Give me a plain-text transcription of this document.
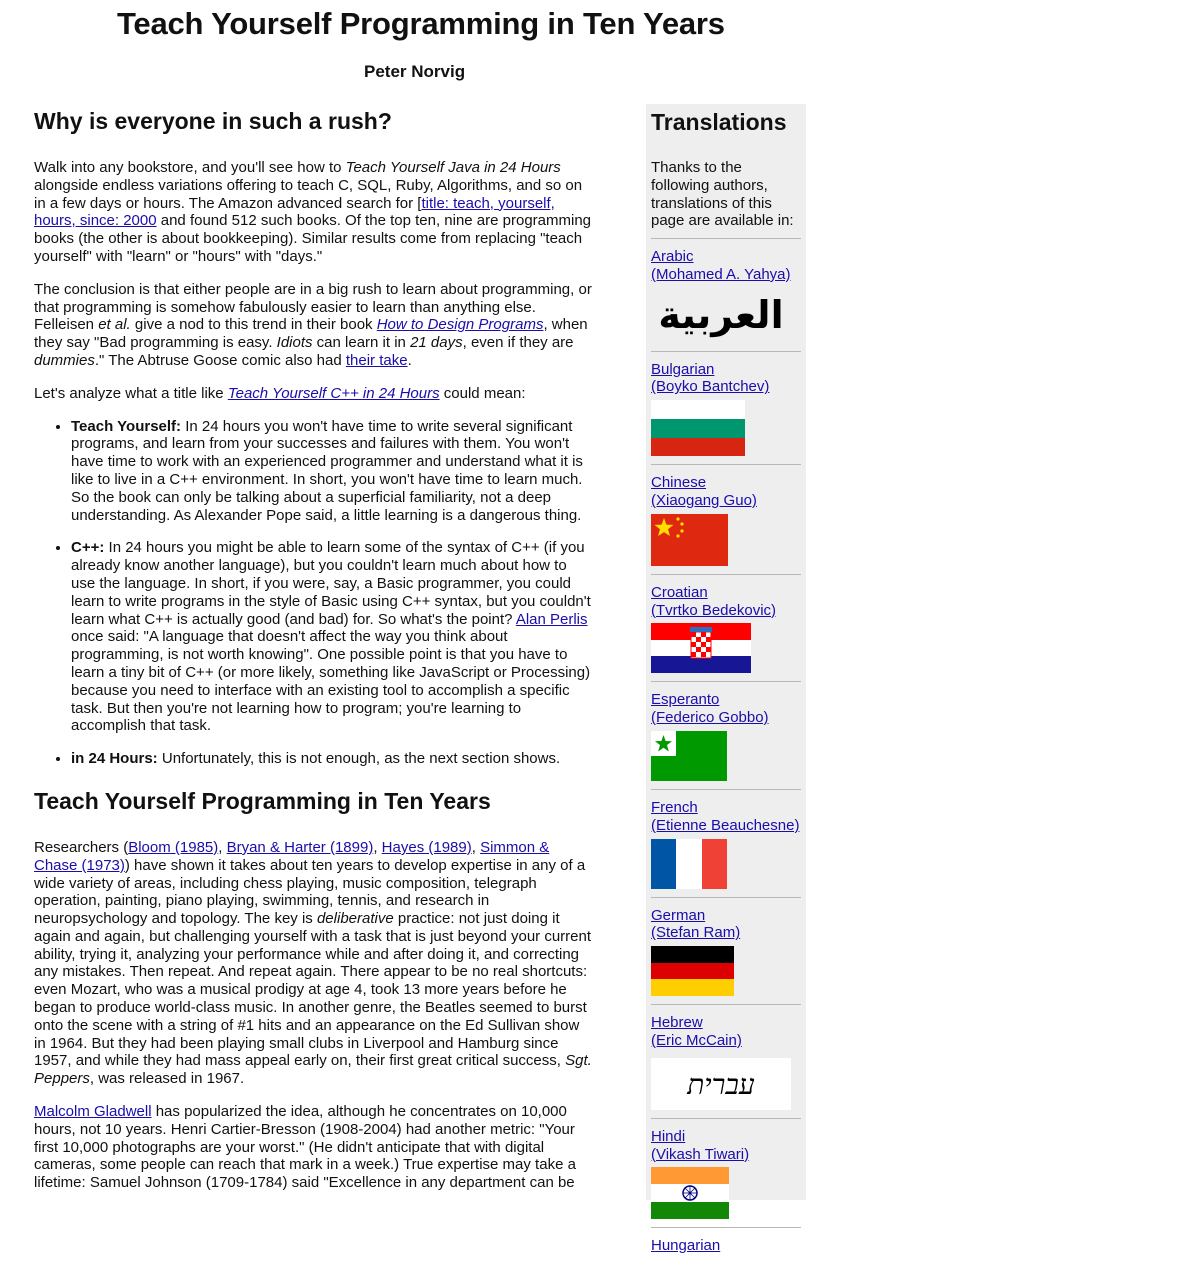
Teach Yourself Programming in Ten Years
Peter Norvig
Why is everyone in such a rush?

Walk into any bookstore, and you'll see how to Teach Yourself Java in 24 Hours alongside endless variations offering to teach C, SQL, Ruby, Algorithms, and so on in a few days or hours. The Amazon advanced search for [title: teach, yourself, hours, since: 2000 and found 512 such books. Of the top ten, nine are programming books (the other is about bookkeeping). Similar results come from replacing "teach yourself" with "learn" or "hours" with "days."

The conclusion is that either people are in a big rush to learn about programming, or that programming is somehow fabulously easier to learn than anything else. Felleisen et al. give a nod to this trend in their book How to Design Programs, when they say "Bad programming is easy. Idiots can learn it in 21 days, even if they are dummies." The Abtruse Goose comic also had their take.

Let's analyze what a title like Teach Yourself C++ in 24 Hours could mean:

• Teach Yourself: In 24 hours you won't have time to write several significant programs, and learn from your successes and failures with them. You won't have time to work with an experienced programmer and understand what it is like to live in a C++ environment. In short, you won't have time to learn much. So the book can only be talking about a superficial familiarity, not a deep understanding. As Alexander Pope said, a little learning is a dangerous thing.
• C++: In 24 hours you might be able to learn some of the syntax of C++ (if you already know another language), but you couldn't learn much about how to use the language. In short, if you were, say, a Basic programmer, you could learn to write programs in the style of Basic using C++ syntax, but you couldn't learn what C++ is actually good (and bad) for. So what's the point? Alan Perlis once said: "A language that doesn't affect the way you think about programming, is not worth knowing". One possible point is that you have to learn a tiny bit of C++ (or more likely, something like JavaScript or Processing) because you need to interface with an existing tool to accomplish a specific task. But then you're not learning how to program; you're learning to accomplish that task.
• in 24 Hours: Unfortunately, this is not enough, as the next section shows.
Teach Yourself Programming in Ten Years

Researchers (Bloom (1985), Bryan & Harter (1899), Hayes (1989), Simmon & Chase (1973)) have shown it takes about ten years to develop expertise in any of a wide variety of areas, including chess playing, music composition, telegraph operation, painting, piano playing, swimming, tennis, and research in neuropsychology and topology. The key is deliberative practice: not just doing it again and again, but challenging yourself with a task that is just beyond your current ability, trying it, analyzing your performance while and after doing it, and correcting any mistakes. Then repeat. And repeat again. There appear to be no real shortcuts: even Mozart, who was a musical prodigy at age 4, took 13 more years before he began to produce world-class music. In another genre, the Beatles seemed to burst onto the scene with a string of #1 hits and an appearance on the Ed Sullivan show in 1964. But they had been playing small clubs in Liverpool and Hamburg since 1957, and while they had mass appeal early on, their first great critical success, Sgt. Peppers, was released in 1967.

Malcolm Gladwell has popularized the idea, although he concentrates on 10,000 hours, not 10 years. Henri Cartier-Bresson (1908-2004) had another metric: "Your first 10,000 photographs are your worst." (He didn't anticipate that with digital cameras, some people can reach that mark in a week.) True expertise may take a lifetime: Samuel Johnson (1709-1784) said "Excellence in any department can be

Translations
Thanks to the following authors, translations of this page are available in:
Arabic
(Mohamed A. Yahya)
العربية
Bulgarian
(Boyko Bantchev)
Chinese
(Xiaogang Guo)
Croatian
(Tvrtko Bedekovic)
Esperanto
(Federico Gobbo)
French
(Etienne Beauchesne)
German
(Stefan Ram)
Hebrew
(Eric McCain)
עברית
Hindi
(Vikash Tiwari)
Hungarian
